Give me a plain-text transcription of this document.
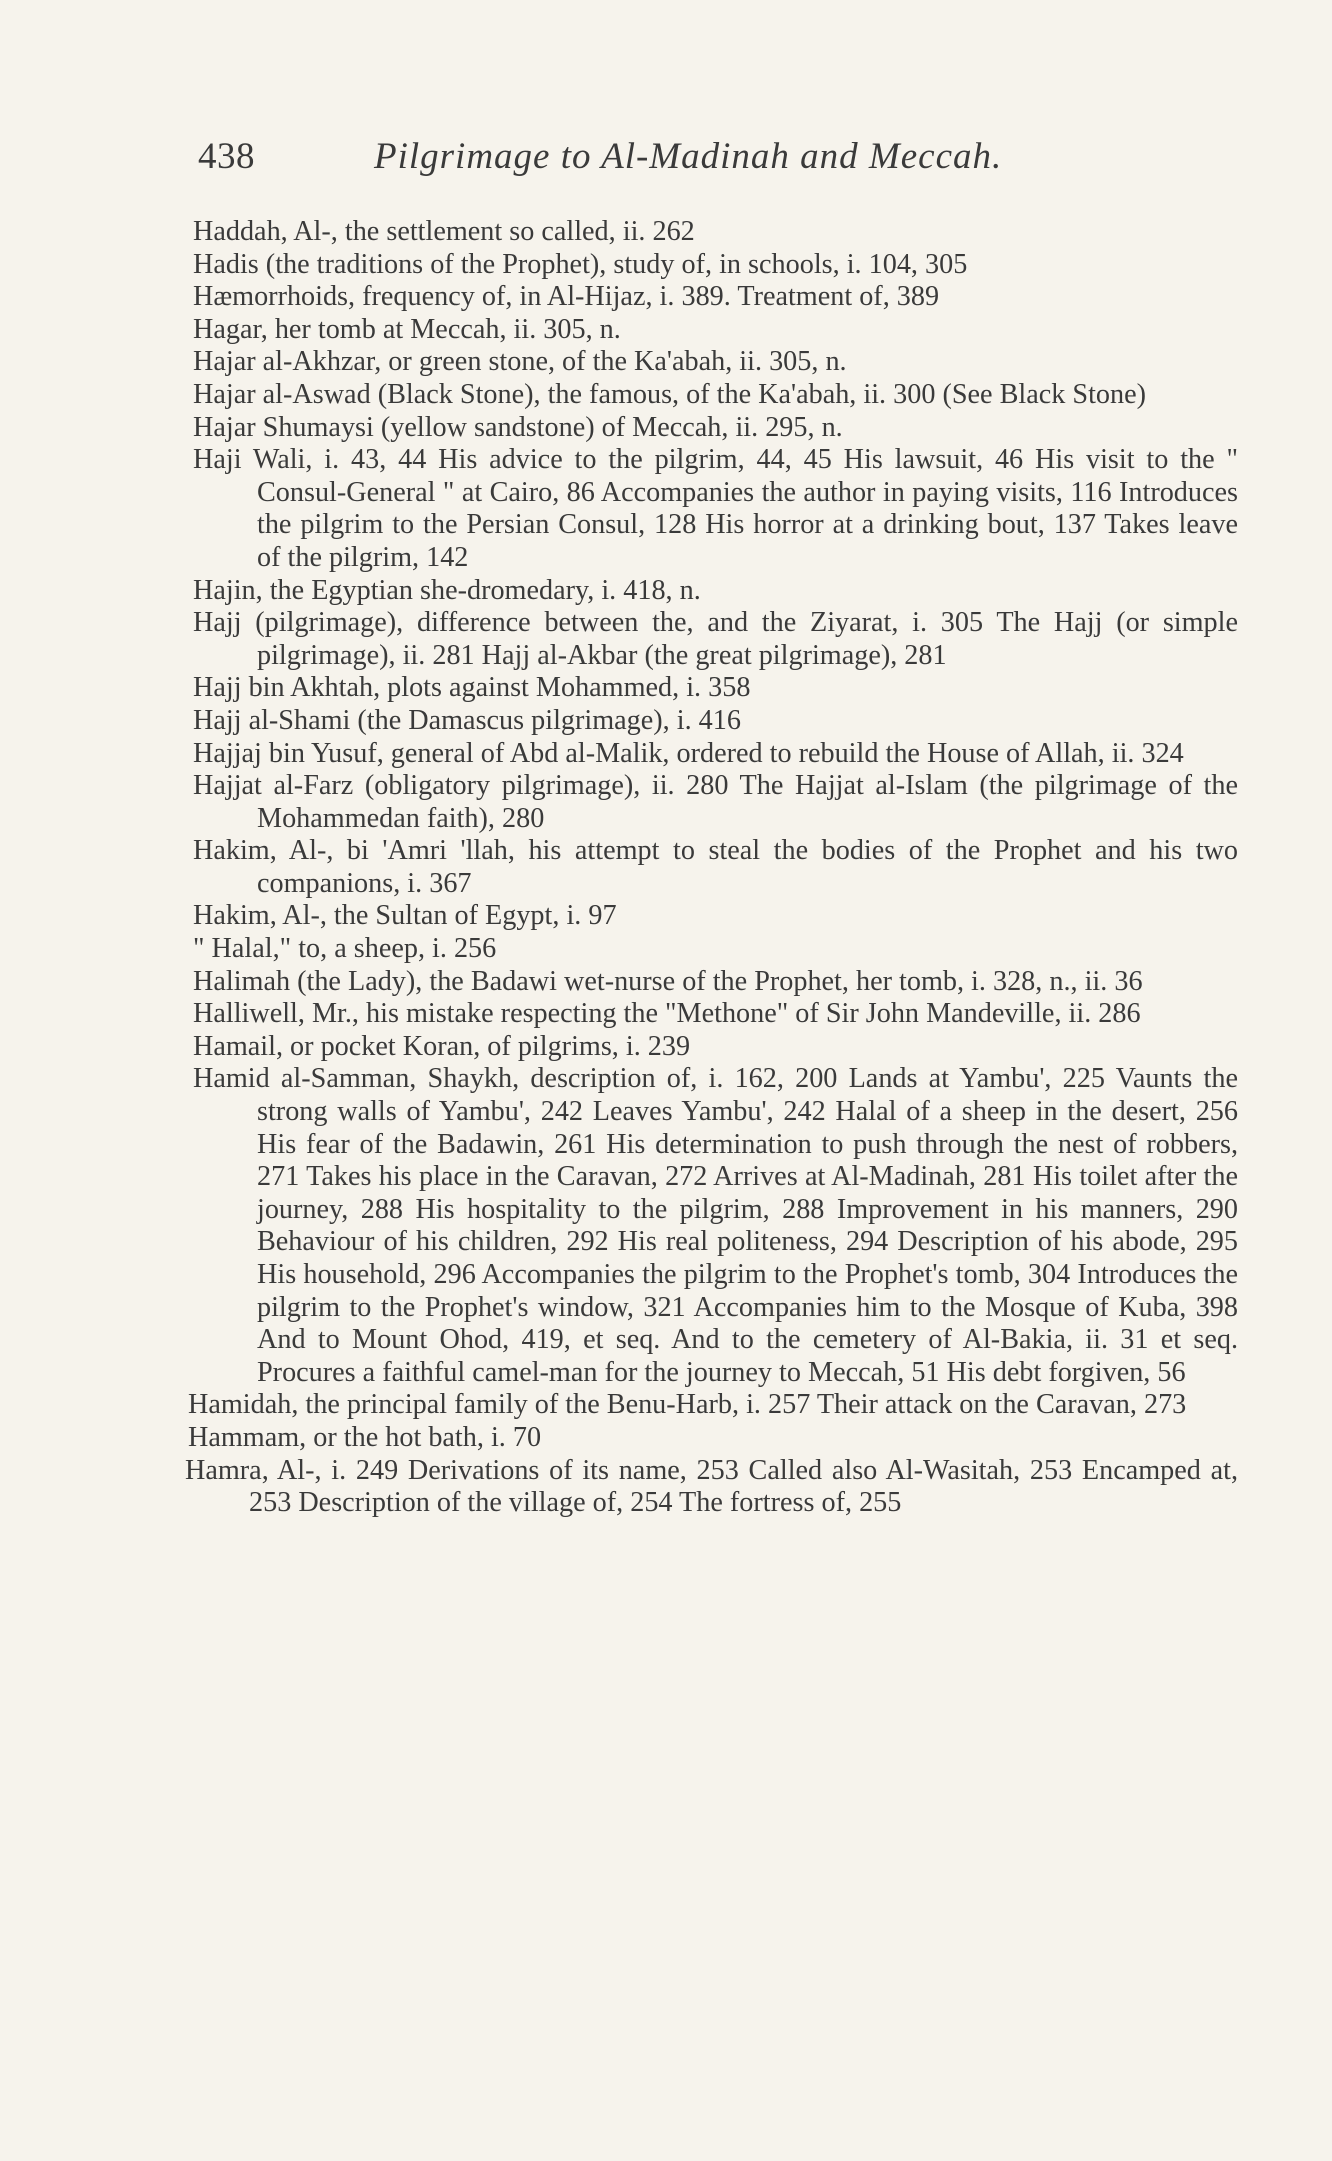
438	Pilgrimage to Al-Madinah and Meccah.
Haddah, Al-, the settlement so called, ii. 262
Hadis (the traditions of the Prophet), study of, in schools, i. 104, 305
Hæmorrhoids, frequency of, in Al-Hijaz, i. 389. Treatment of, 389
Hagar, her tomb at Meccah, ii. 305, n.
Hajar al-Akhzar, or green stone, of the Ka'abah, ii. 305, n.
Hajar al-Aswad (Black Stone), the famous, of the Ka'abah, ii. 300 (See Black Stone)
Hajar Shumaysi (yellow sandstone) of Meccah, ii. 295, n.
Haji Wali, i. 43, 44 His advice to the pilgrim, 44, 45 His lawsuit, 46 His visit to the " Consul-General " at Cairo, 86 Accompanies the author in paying visits, 116 Introduces the pilgrim to the Persian Consul, 128 His horror at a drinking bout, 137 Takes leave of the pilgrim, 142
Hajin, the Egyptian she-dromedary, i. 418, n.
Hajj (pilgrimage), difference between the, and the Ziyarat, i. 305 The Hajj (or simple pilgrimage), ii. 281 Hajj al-Akbar (the great pilgrimage), 281
Hajj bin Akhtah, plots against Mohammed, i. 358
Hajj al-Shami (the Damascus pilgrimage), i. 416
Hajjaj bin Yusuf, general of Abd al-Malik, ordered to rebuild the House of Allah, ii. 324
Hajjat al-Farz (obligatory pilgrimage), ii. 280 The Hajjat al-Islam (the pilgrimage of the Mohammedan faith), 280
Hakim, Al-, bi 'Amri 'llah, his attempt to steal the bodies of the Prophet and his two companions, i. 367
Hakim, Al-, the Sultan of Egypt, i. 97
" Halal," to, a sheep, i. 256
Halimah (the Lady), the Badawi wet-nurse of the Prophet, her tomb, i. 328, n., ii. 36
Halliwell, Mr., his mistake respecting the "Methone" of Sir John Mandeville, ii. 286
Hamail, or pocket Koran, of pilgrims, i. 239
Hamid al-Samman, Shaykh, description of, i. 162, 200 Lands at Yambu', 225 Vaunts the strong walls of Yambu', 242 Leaves Yambu', 242 Halal of a sheep in the desert, 256 His fear of the Badawin, 261 His determination to push through the nest of robbers, 271 Takes his place in the Caravan, 272 Arrives at Al-Madinah, 281 His toilet after the journey, 288 His hospitality to the pilgrim, 288 Improvement in his manners, 290 Behaviour of his children, 292 His real politeness, 294 Description of his abode, 295 His household, 296 Accompanies the pilgrim to the Prophet's tomb, 304 Introduces the pilgrim to the Prophet's window, 321 Accompanies him to the Mosque of Kuba, 398 And to Mount Ohod, 419, et seq. And to the cemetery of Al-Bakia, ii. 31 et seq. Procures a faithful camel-man for the journey to Meccah, 51 His debt forgiven, 56
Hamidah, the principal family of the Benu-Harb, i. 257 Their attack on the Caravan, 273
Hammam, or the hot bath, i. 70
Hamra, Al-, i. 249 Derivations of its name, 253 Called also Al-Wasitah, 253 Encamped at, 253 Description of the village of, 254 The fortress of, 255
